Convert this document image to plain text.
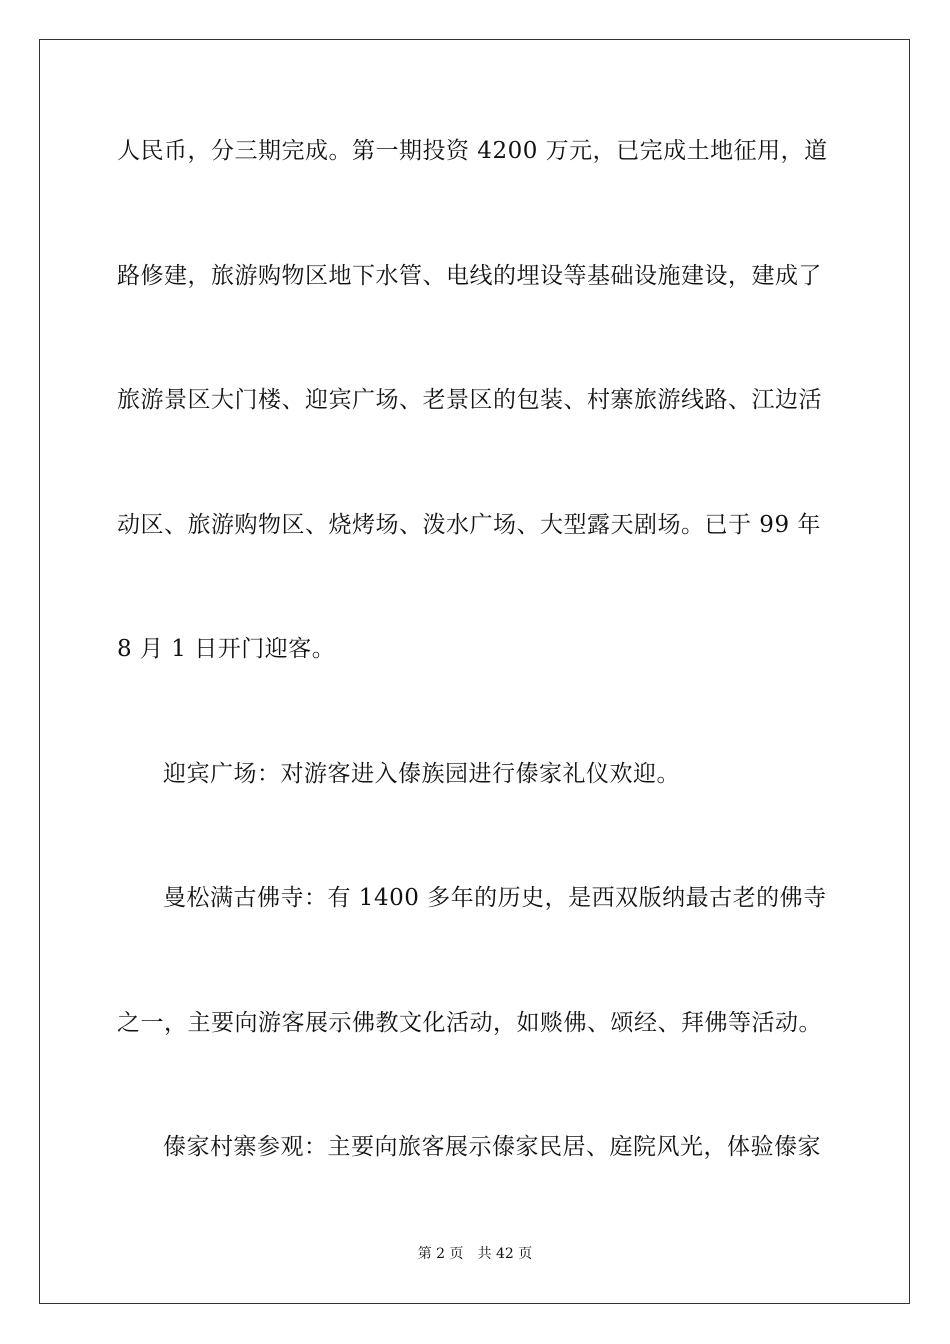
人民币，分三期完成。第一期投资 4200 万元，已完成土地征用，道
路修建，旅游购物区地下水管、电线的埋设等基础设施建设，建成了
旅游景区大门楼、迎宾广场、老景区的包装、村寨旅游线路、江边活
动区、旅游购物区、烧烤场、泼水广场、大型露天剧场。已于 99 年
8 月 1 日开门迎客。
迎宾广场：对游客进入傣族园进行傣家礼仪欢迎。
曼松满古佛寺：有 1400 多年的历史，是西双版纳最古老的佛寺
之一，主要向游客展示佛教文化活动，如赕佛、颂经、拜佛等活动。
傣家村寨参观：主要向旅客展示傣家民居、庭院风光，体验傣家
第 2 页 共 42 页
